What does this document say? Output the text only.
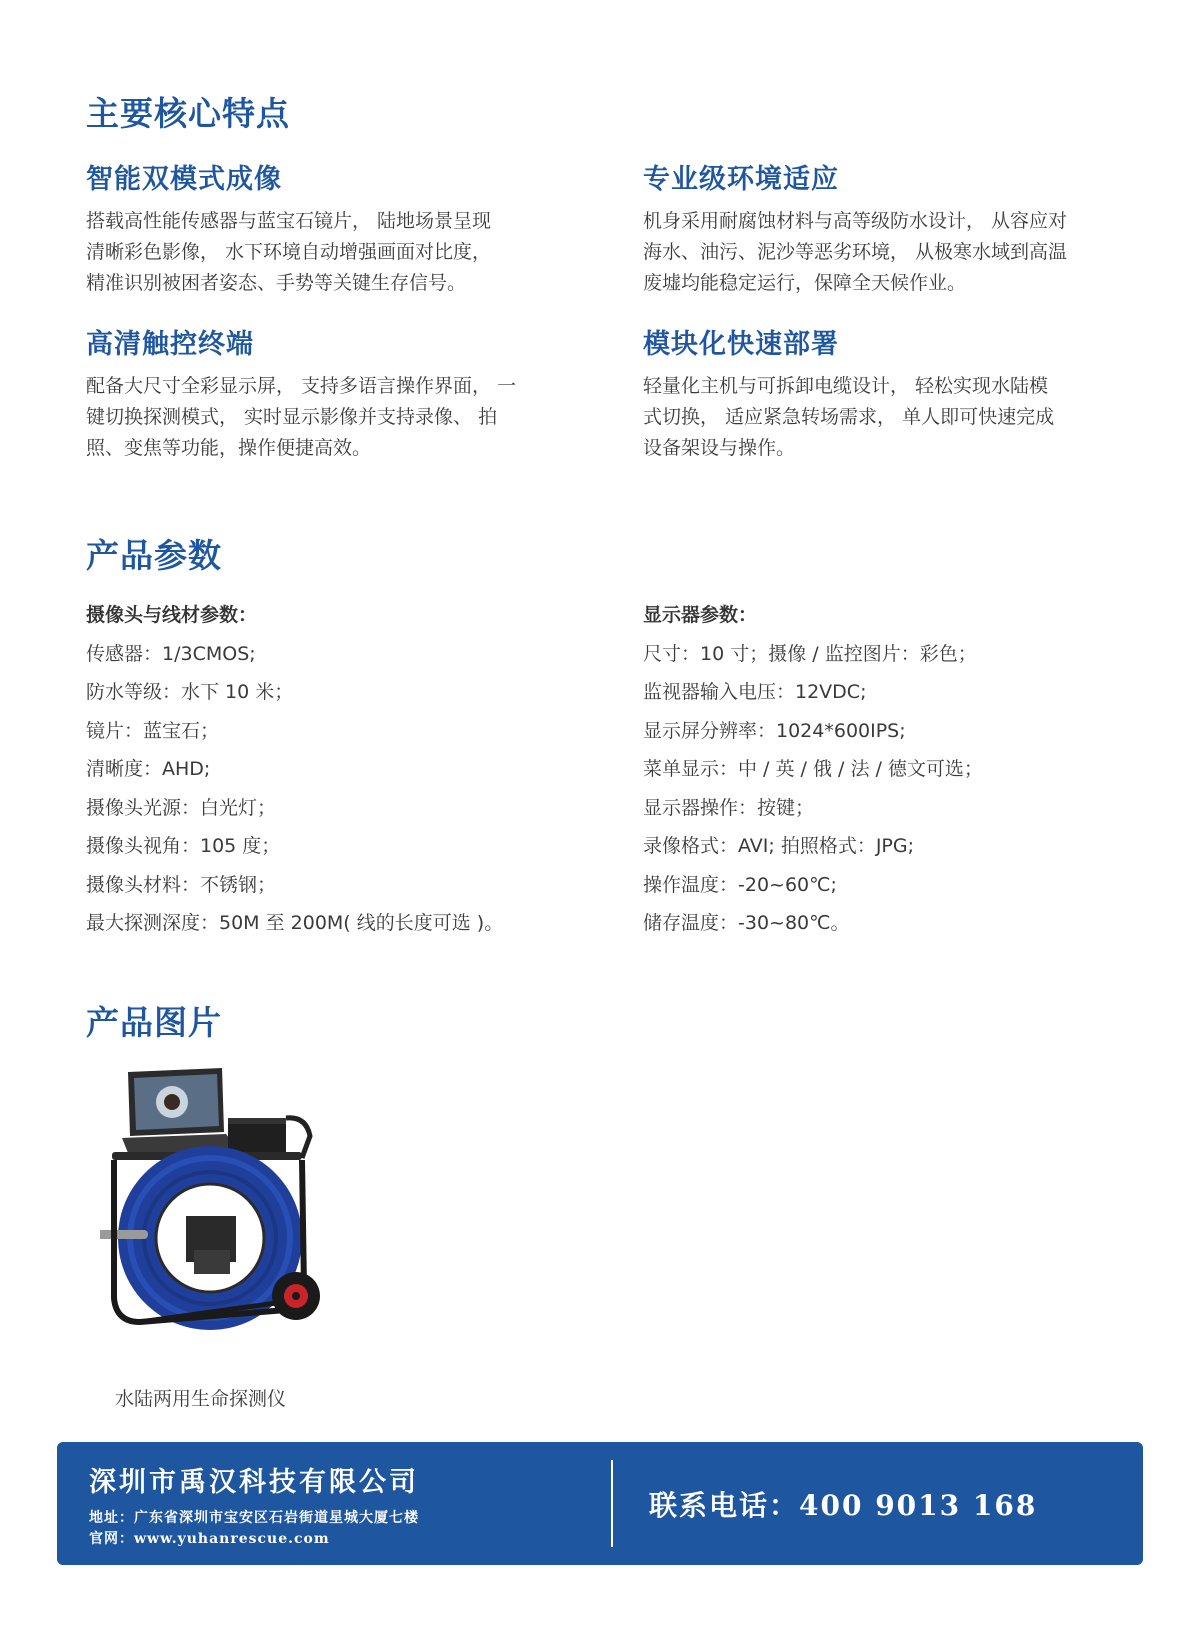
主要核心特点
智能双模式成像
搭载高性能传感器与蓝宝石镜片， 陆地场景呈现
清晰彩色影像， 水下环境自动增强画面对比度，
精准识别被困者姿态、手势等关键生存信号。
专业级环境适应
机身采用耐腐蚀材料与高等级防水设计， 从容应对
海水、油污、泥沙等恶劣环境， 从极寒水域到高温
废墟均能稳定运行，保障全天候作业。
高清触控终端
配备大尺寸全彩显示屏， 支持多语言操作界面， 一
键切换探测模式， 实时显示影像并支持录像、 拍
照、变焦等功能，操作便捷高效。
模块化快速部署
轻量化主机与可拆卸电缆设计， 轻松实现水陆模
式切换， 适应紧急转场需求， 单人即可快速完成
设备架设与操作。
产品参数
摄像头与线材参数：
传感器：1/3CMOS;
防水等级：水下 10 米；
镜片：蓝宝石；
清晰度：AHD;
摄像头光源：白光灯；
摄像头视角：105 度；
摄像头材料：不锈钢；
最大探测深度：50M 至 200M( 线的长度可选 )。
显示器参数：
尺寸：10 寸；摄像 / 监控图片：彩色；
监视器输入电压：12VDC;
显示屏分辨率：1024*600IPS;
菜单显示：中 / 英 / 俄 / 法 / 德文可选；
显示器操作：按键；
录像格式：AVI; 拍照格式：JPG;
操作温度：-20~60℃;
储存温度：-30~80℃。
产品图片
水陆两用生命探测仪
深圳市禹汉科技有限公司
地址：广东省深圳市宝安区石岩街道星城大厦七楼
官网：www.yuhanrescue.com
联系电话：400 9013 168
